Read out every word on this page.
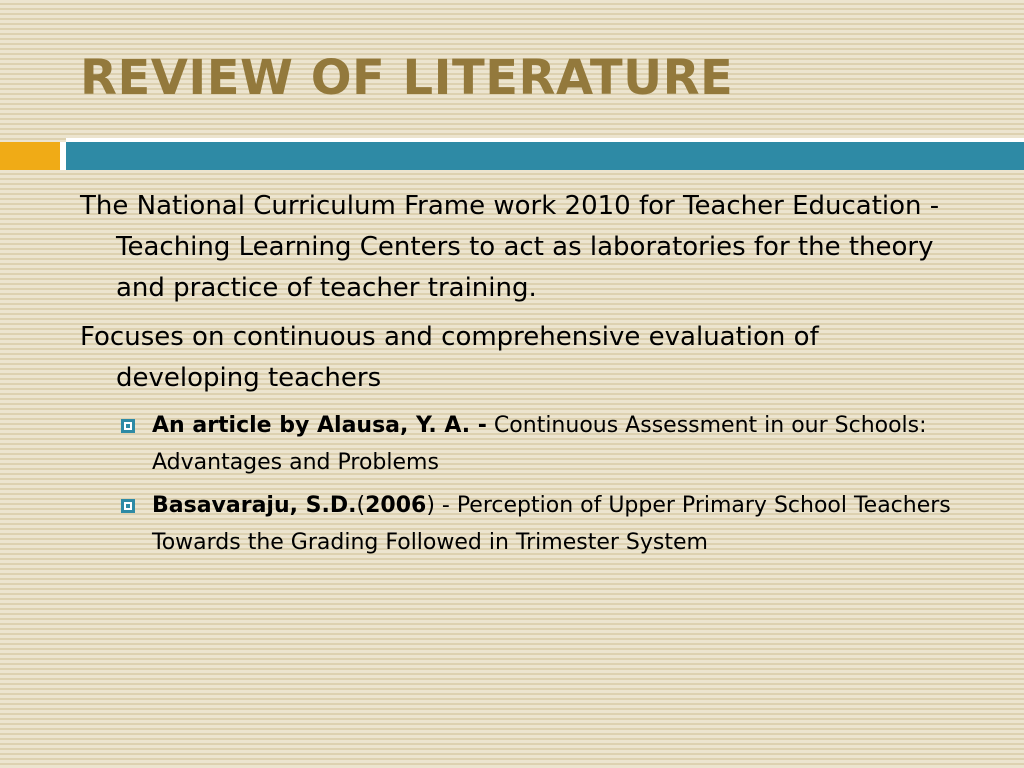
REVIEW OF LITERATURE

The National Curriculum Frame work 2010 for Teacher Education - Teaching Learning Centers to act as laboratories for the theory and practice of teacher training.

Focuses on continuous and comprehensive evaluation of developing teachers

An article by Alausa, Y. A. - Continuous Assessment in our Schools: Advantages and Problems
Basavaraju, S.D.(2006) - Perception of Upper Primary School Teachers Towards the Grading Followed in Trimester System
